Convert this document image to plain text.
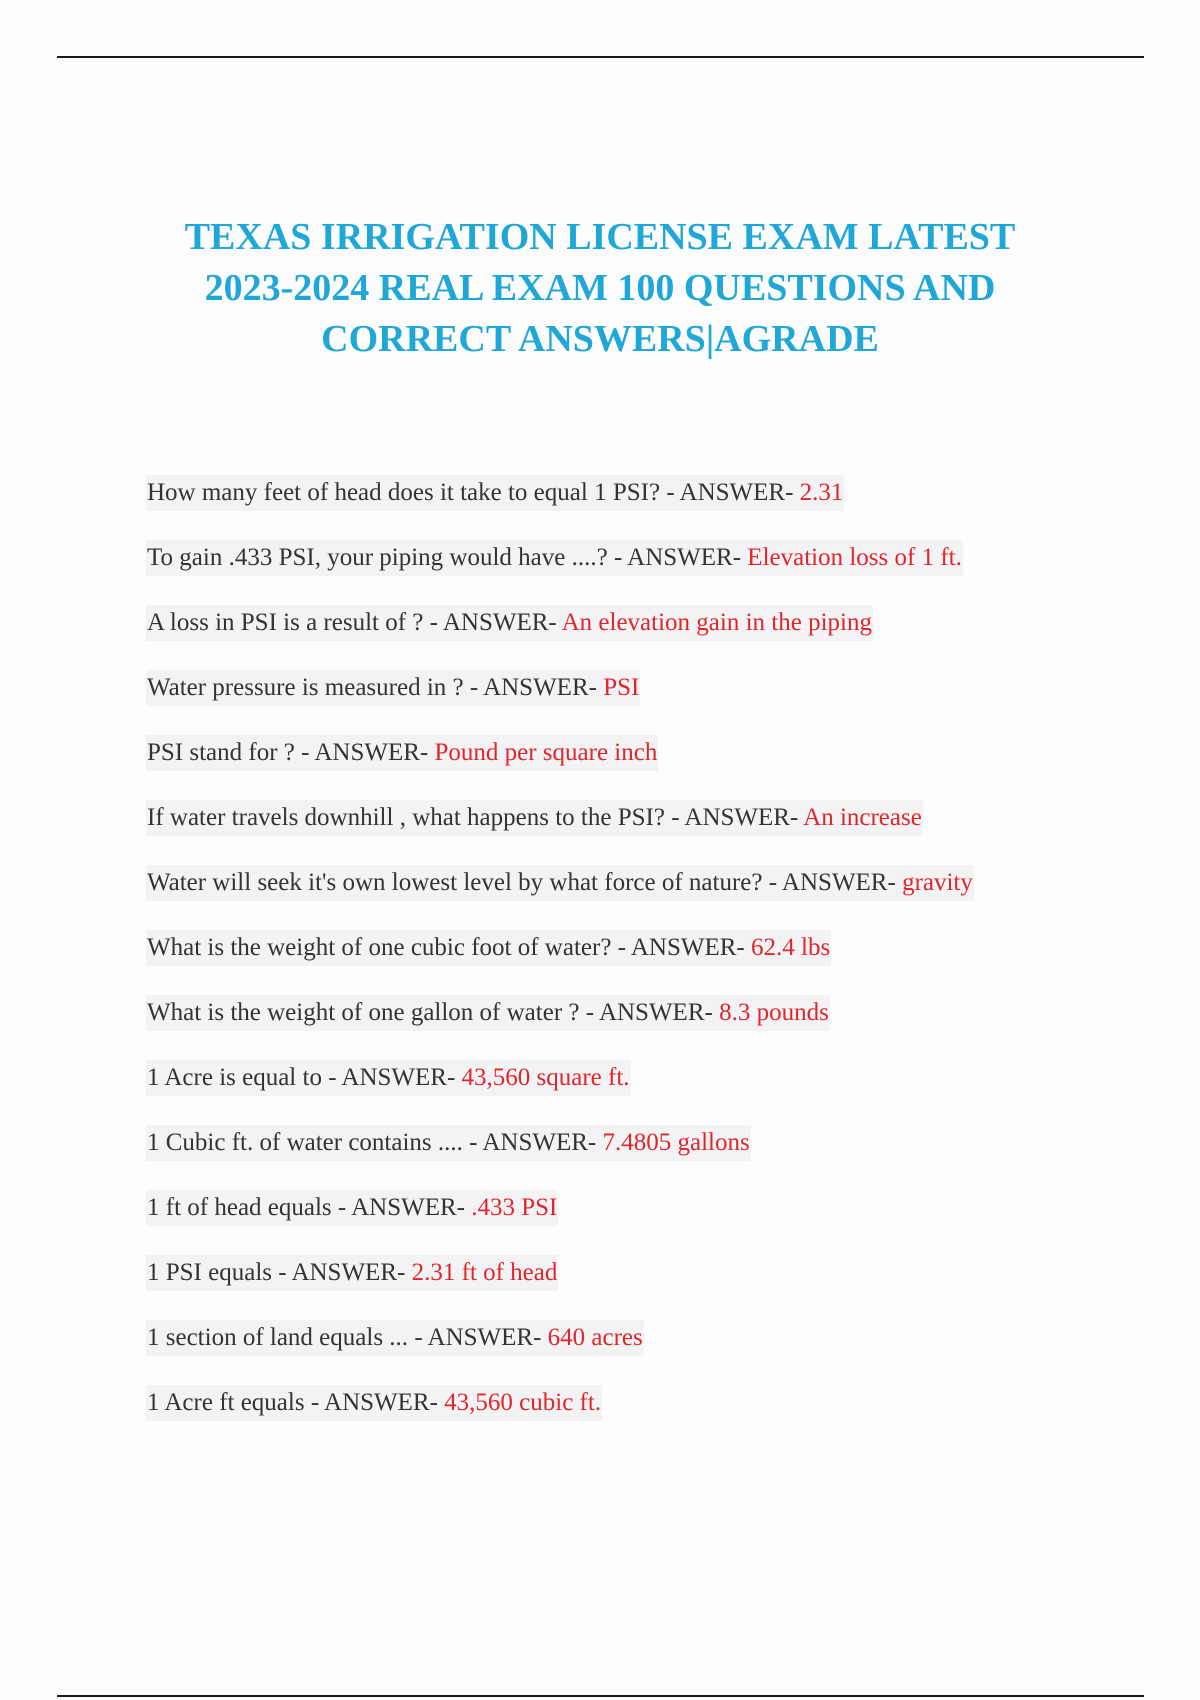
TEXAS IRRIGATION LICENSE EXAM LATEST
2023-2024 REAL EXAM 100 QUESTIONS AND
CORRECT ANSWERS|AGRADE
How many feet of head does it take to equal 1 PSI? - ANSWER- 2.31
To gain .433 PSI, your piping would have ....? - ANSWER- Elevation loss of 1 ft.
A loss in PSI is a result of ? - ANSWER- An elevation gain in the piping
Water pressure is measured in ? - ANSWER- PSI
PSI stand for ? - ANSWER- Pound per square inch
If water travels downhill , what happens to the PSI? - ANSWER- An increase
Water will seek it's own lowest level by what force of nature? - ANSWER- gravity
What is the weight of one cubic foot of water? - ANSWER- 62.4 lbs
What is the weight of one gallon of water ? - ANSWER- 8.3 pounds
1 Acre is equal to - ANSWER- 43,560 square ft.
1 Cubic ft. of water contains .... - ANSWER- 7.4805 gallons
1 ft of head equals - ANSWER- .433 PSI
1 PSI equals - ANSWER- 2.31 ft of head
1 section of land equals ... - ANSWER- 640 acres
1 Acre ft equals - ANSWER- 43,560 cubic ft.
